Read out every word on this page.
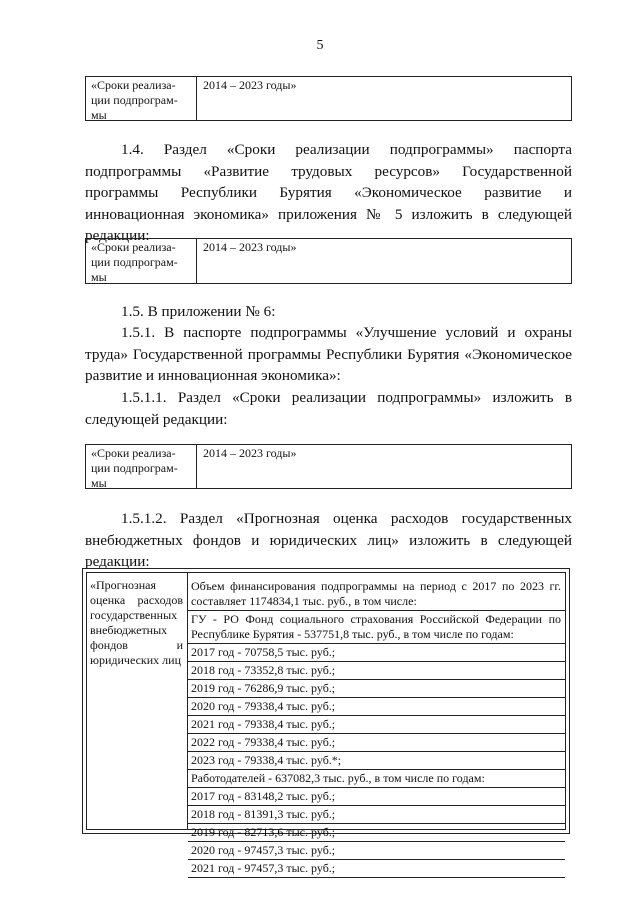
5
«Сроки реализа-ции подпрограм-мы
2014 – 2023 годы»
1.4. Раздел «Сроки реализации подпрограммы» паспорта подпрограммы «Развитие трудовых ресурсов» Государственной программы Республики Бурятия «Экономическое развитие и инновационная экономика» приложения № 5 изложить в следующей редакции:
«Сроки реализа-ции подпрограм-мы
2014 – 2023 годы»
1.5. В приложении № 6:
1.5.1. В паспорте подпрограммы «Улучшение условий и охраны труда» Государственной программы Республики Бурятия «Экономическое развитие и инновационная экономика»:
1.5.1.1. Раздел «Сроки реализации подпрограммы» изложить в следующей редакции:
«Сроки реализа-ции подпрограм-мы
2014 – 2023 годы»
1.5.1.2. Раздел «Прогнозная оценка расходов государственных внебюджетных фондов и юридических лиц» изложить в следующей редакции:
«Прогнозная оценка расходов государственных внебюджетных фондов и юридических лиц
Объем финансирования подпрограммы на период с 2017 по 2023 гг. составляет 1174834,1 тыс. руб., в том числе:
ГУ - РО Фонд социального страхования Российской Федерации по Республике Бурятия - 537751,8 тыс. руб., в том числе по годам:
2017 год - 70758,5 тыс. руб.;
2018 год - 73352,8 тыс. руб.;
2019 год - 76286,9 тыс. руб.;
2020 год - 79338,4 тыс. руб.;
2021 год - 79338,4 тыс. руб.;
2022 год - 79338,4 тыс. руб.;
2023 год - 79338,4 тыс. руб.*;
Работодателей - 637082,3 тыс. руб., в том числе по годам:
2017 год - 83148,2 тыс. руб.;
2018 год - 81391,3 тыс. руб.;
2019 год - 82713,6 тыс. руб.;
2020 год - 97457,3 тыс. руб.;
2021 год - 97457,3 тыс. руб.;
